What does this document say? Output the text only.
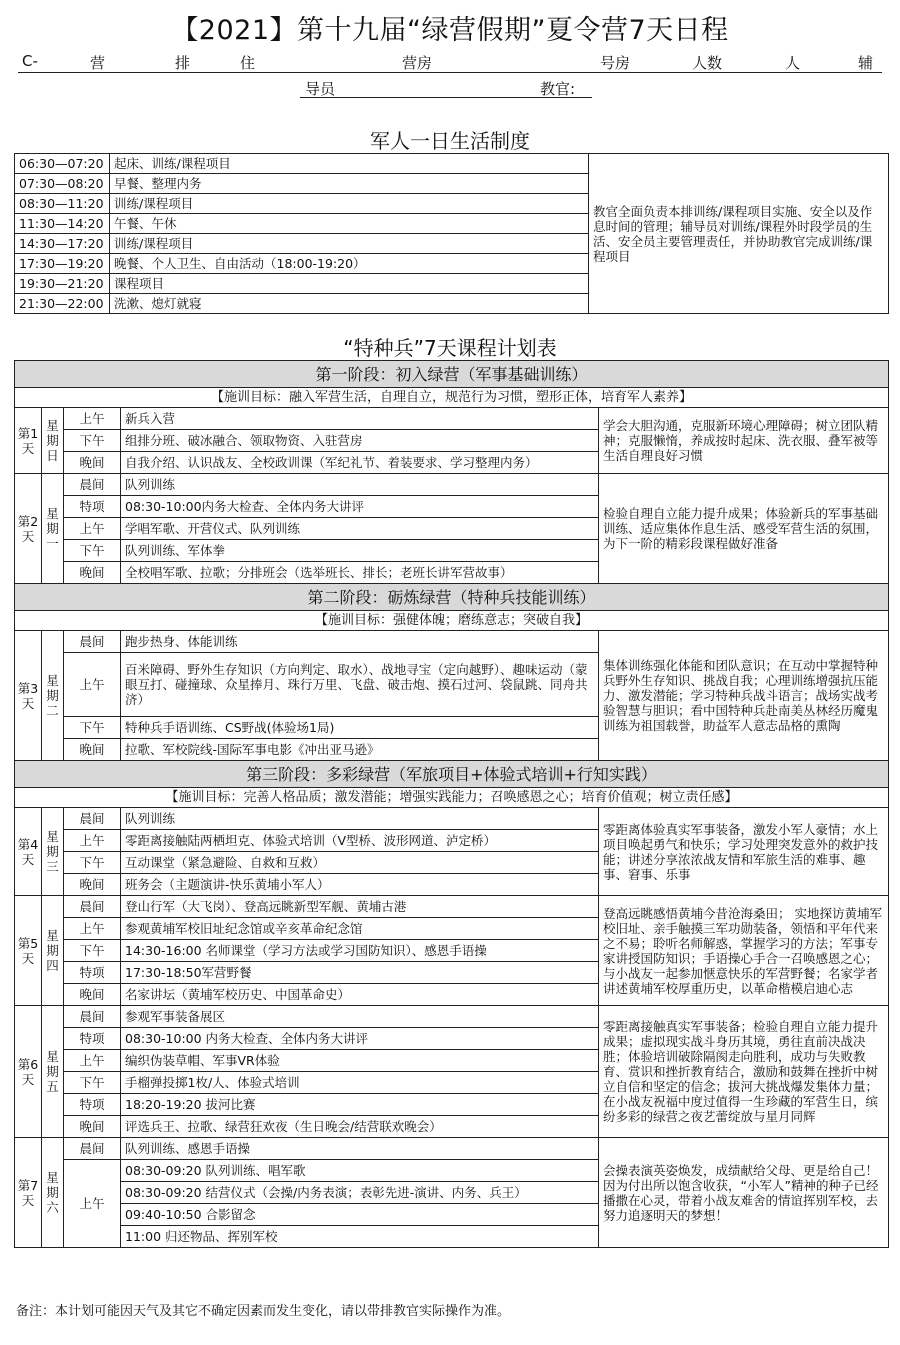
【2021】第十九届“绿营假期”夏令营7天日程
C-	营	排	住	营房	号房	人数	人	辅
导员	教官:
军人一日生活制度
06:30—07:20	起床、训练/课程项目	教官全面负责本排训练/课程项目实施、安全以及作息时间的管理；辅导员对训练/课程外时段学员的生活、安全员主要管理责任，并协助教官完成训练/课程项目
07:30—08:20	早餐、整理内务	
08:30—11:20	训练/课程项目	
11:30—14:20	午餐、午休	
14:30—17:20	训练/课程项目	
17:30—19:20	晚餐、个人卫生、自由活动（18:00-19:20）	
19:30—21:20	课程项目	
21:30—22:00	洗漱、熄灯就寝	
“特种兵”7天课程计划表
第一阶段：初入绿营（军事基础训练）				
【施训目标：融入军营生活，自理自立，规范行为习惯，塑形正体，培育军人素养】				
第1天	星期日	上午	新兵入营	学会大胆沟通，克服新环境心理障碍；树立团队精神；克服懒惰，养成按时起床、洗衣服、叠军被等生活自理良好习惯
		下午	组排分班、破冰融合、领取物资、入驻营房	
		晚间	自我介绍、认识战友、全校政训课（军纪礼节、着装要求、学习整理内务）	
第2天	星期一	晨间	队列训练	检验自理自立能力提升成果；体验新兵的军事基础训练、适应集体作息生活、感受军营生活的氛围，为下一阶的精彩段课程做好准备
		特项	08:30-10:00内务大检查、全体内务大讲评	
		上午	学唱军歌、开营仪式、队列训练	
		下午	队列训练、军体拳	
		晚间	全校唱军歌、拉歌；分排班会（选举班长、排长；老班长讲军营故事）	
第二阶段：砺炼绿营（特种兵技能训练）				
【施训目标：强健体魄；磨练意志；突破自我】				
第3天	星期二	晨间	跑步热身、体能训练	集体训练强化体能和团队意识；在互动中掌握特种兵野外生存知识、挑战自我；心理训练增强抗压能力、激发潜能；学习特种兵战斗语言；战场实战考验智慧与胆识；看中国特种兵赴南美丛林经历魔鬼训练为祖国载誉，助益军人意志品格的熏陶
		上午	百米障碍、野外生存知识（方向判定、取水）、战地寻宝（定向越野）、趣味运动（蒙眼互打、碰撞球、众星捧月、珠行万里、飞盘、破击炮、摸石过河、袋鼠跳、同舟共济）	
		下午	特种兵手语训练、CS野战(体验场1局)	
		晚间	拉歌、军校院线-国际军事电影《冲出亚马逊》	
第三阶段：多彩绿营（军旅项目+体验式培训+行知实践）				
【施训目标：完善人格品质；激发潜能；增强实践能力；召唤感恩之心；培育价值观；树立责任感】				
第4天	星期三	晨间	队列训练	零距离体验真实军事装备，激发小军人豪情；水上项目唤起勇气和快乐；学习处理突发意外的救护技能；讲述分享浓浓战友情和军旅生活的难事、趣事、窘事、乐事
		上午	零距离接触陆两栖坦克、体验式培训（V型桥、波形网道、泸定桥）	
		下午	互动课堂（紧急避险、自救和互救）	
		晚间	班务会（主题演讲-快乐黄埔小军人）	
第5天	星期四	晨间	登山行军（大飞岗）、登高远眺新型军舰、黄埔古港	登高远眺感悟黄埔今昔沧海桑田； 实地探访黄埔军校旧址、亲手触摸三军功勋装备，领悟和平年代来之不易；聆听名师解惑，掌握学习的方法；军事专家讲授国防知识；手语操心手合一召唤感恩之心；与小战友一起参加惬意快乐的军营野餐；名家学者讲述黄埔军校厚重历史，以革命楷模启迪心志
		上午	参观黄埔军校旧址纪念馆或辛亥革命纪念馆	
		下午	14:30-16:00 名师课堂（学习方法或学习国防知识）、感恩手语操	
		特项	17:30-18:50军营野餐	
		晚间	名家讲坛（黄埔军校历史、中国革命史）	
第6天	星期五	晨间	参观军事装备展区	零距离接触真实军事装备；检验自理自立能力提升成果；虚拟现实战斗身历其境，勇往直前决战决胜；体验培训破除隔阂走向胜利，成功与失败教育、赏识和挫折教育结合，激励和鼓舞在挫折中树立自信和坚定的信念；拔河大挑战爆发集体力量；在小战友祝福中度过值得一生珍藏的军营生日，缤纷多彩的绿营之夜艺蕾绽放与星月同辉
		特项	08:30-10:00 内务大检查、全体内务大讲评	
		上午	编织伪装草帽、军事VR体验	
		下午	手榴弹投掷1枚/人、体验式培训	
		特项	18:20-19:20 拔河比赛	
		晚间	评选兵王、拉歌、绿营狂欢夜（生日晚会/结营联欢晚会）	
第7天	星期六	晨间	队列训练、感恩手语操	会操表演英姿焕发，成绩献给父母、更是给自己！因为付出所以饱含收获，“小军人”精神的种子已经播撒在心灵，带着小战友难舍的情谊挥别军校，去努力追逐明天的梦想！
		上午	08:30-09:20 队列训练、唱军歌	
			08:30-09:20 结营仪式（会操/内务表演；表彰先进-演讲、内务、兵王）	
			09:40-10:50 合影留念	
			11:00 归还物品、挥别军校	
备注：本计划可能因天气及其它不确定因素而发生变化，请以带排教官实际操作为准。
